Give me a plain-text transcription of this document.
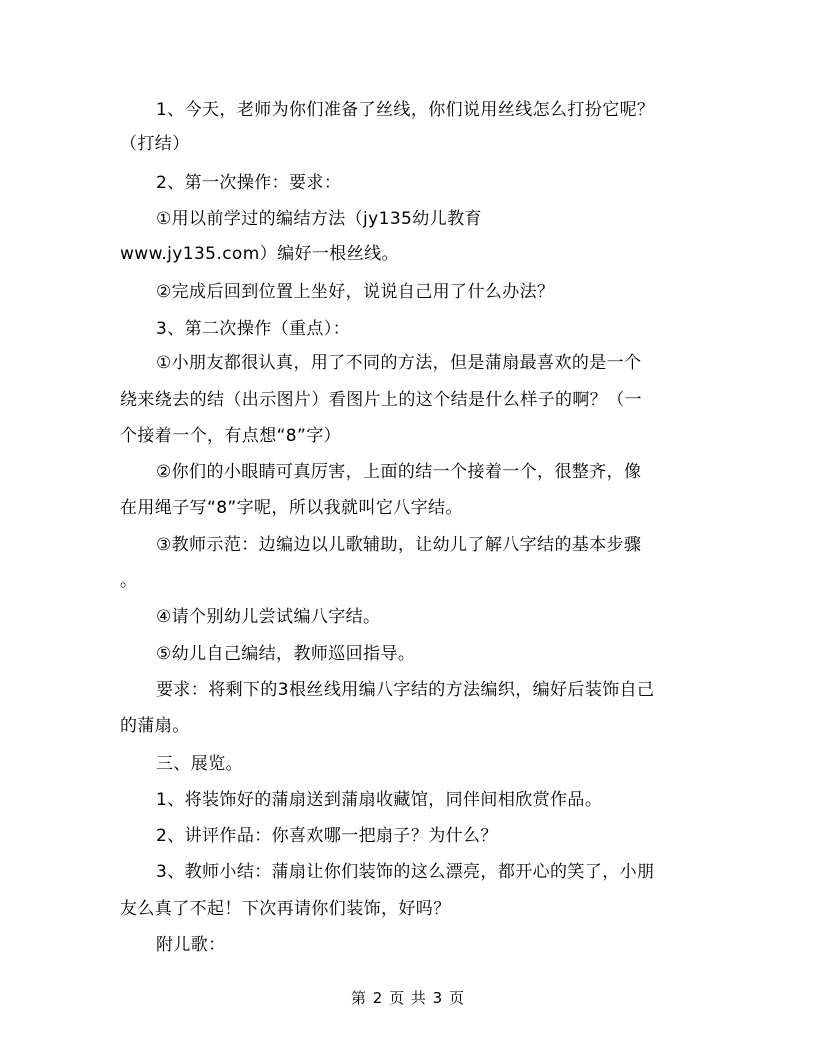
1、今天，老师为你们准备了丝线，你们说用丝线怎么打扮它呢？
（打结）
2、第一次操作：要求：
①用以前学过的编结方法（jy135幼儿教育
www.jy135.com）编好一根丝线。
②完成后回到位置上坐好，说说自己用了什么办法？
3、第二次操作（重点）：
①小朋友都很认真，用了不同的方法，但是蒲扇最喜欢的是一个
绕来绕去的结（出示图片）看图片上的这个结是什么样子的啊？（一
个接着一个，有点想“8”字）
②你们的小眼睛可真厉害，上面的结一个接着一个，很整齐，像
在用绳子写“8”字呢，所以我就叫它八字结。
③教师示范：边编边以儿歌辅助，让幼儿了解八字结的基本步骤
。
④请个别幼儿尝试编八字结。
⑤幼儿自己编结，教师巡回指导。
要求：将剩下的3根丝线用编八字结的方法编织，编好后装饰自己
的蒲扇。
三、展览。
1、将装饰好的蒲扇送到蒲扇收藏馆，同伴间相欣赏作品。
2、讲评作品：你喜欢哪一把扇子？为什么？
3、教师小结：蒲扇让你们装饰的这么漂亮，都开心的笑了，小朋
友么真了不起！下次再请你们装饰，好吗？
附儿歌：
第 2 页 共 3 页
